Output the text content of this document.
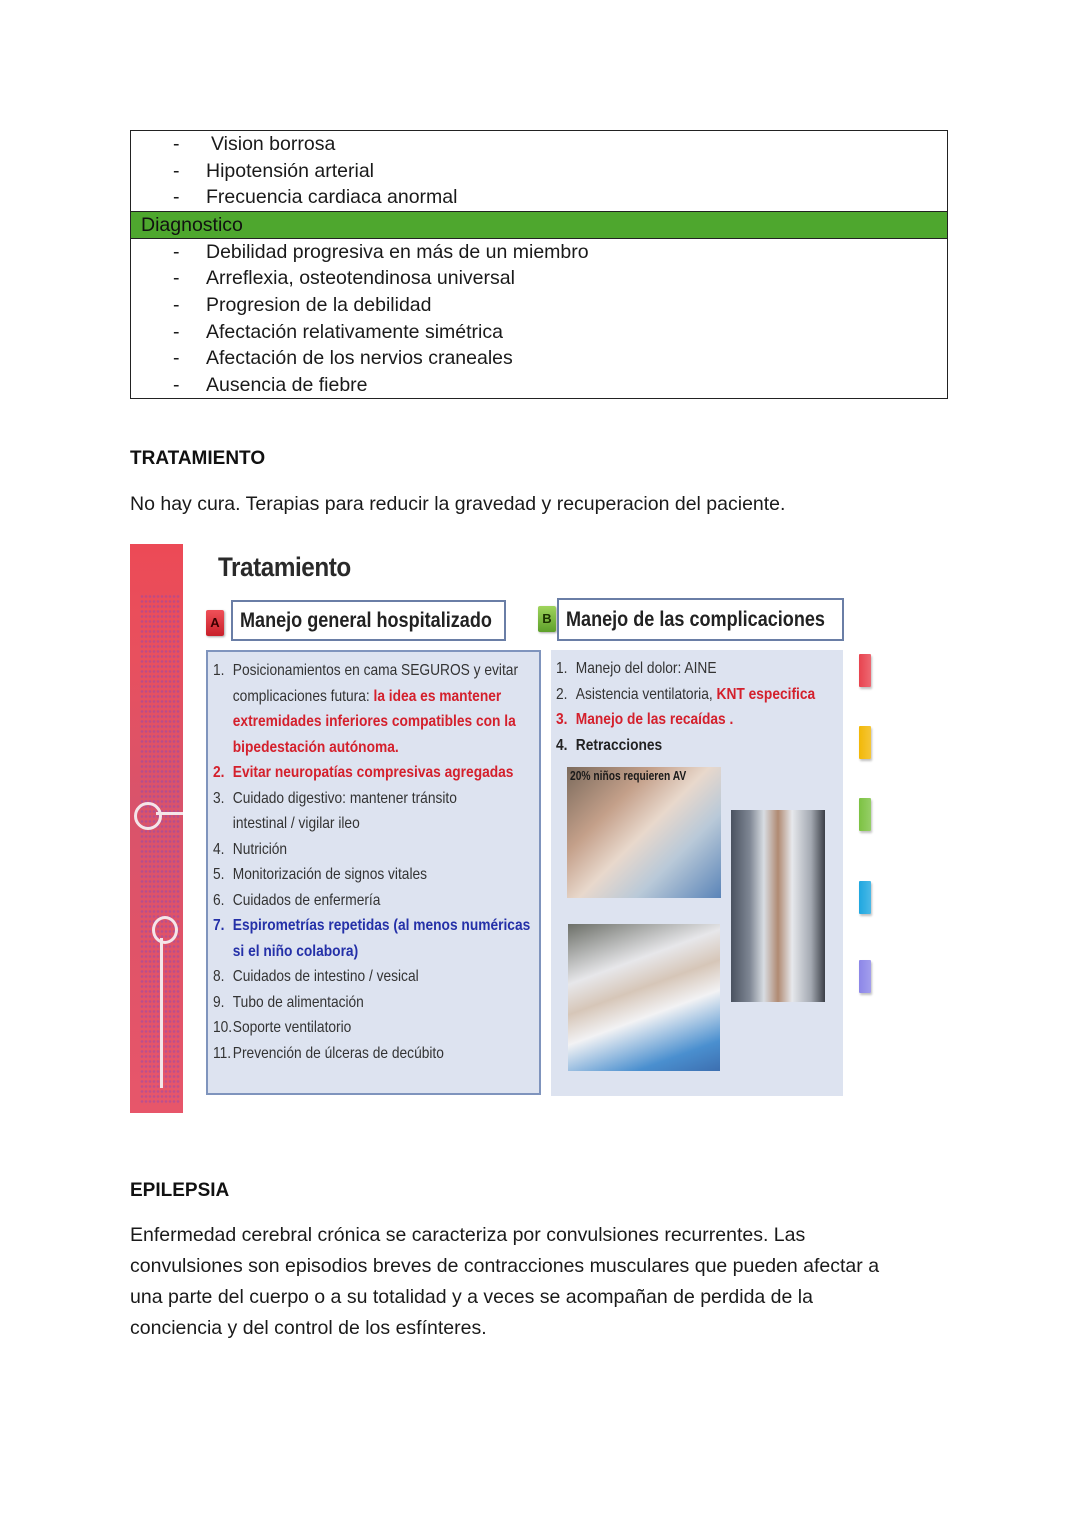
- Vision borrosa
- Hipotensión arterial
- Frecuencia cardiaca anormal
Diagnostico
- Debilidad progresiva en más de un miembro
- Arreflexia, osteotendinosa universal
- Progresion de la debilidad
- Afectación relativamente simétrica
- Afectación de los nervios craneales
- Ausencia de fiebre
TRATAMIENTO
No hay cura. Terapias para reducir la gravedad y recuperacion del paciente.
Tratamiento
A Manejo general hospitalizado	B Manejo de las complicaciones
1. Posicionamientos en cama SEGUROS y evitar
complicaciones futura: la idea es mantener
extremidades inferiores compatibles con la
bipedestación autónoma.
2. Evitar neuropatías compresivas agregadas
3. Cuidado digestivo: mantener tránsito
intestinal / vigilar ileo
4. Nutrición
5. Monitorización de signos vitales
6. Cuidados de enfermería
7. Espirometrías repetidas (al menos numéricas
si el niño colabora)
8. Cuidados de intestino / vesical
9. Tubo de alimentación
10.Soporte ventilatorio
11. Prevención de úlceras de decúbito
1. Manejo del dolor: AINE
2. Asistencia ventilatoria, KNT especifica
3. Manejo de las recaídas .
4. Retracciones
20% niños requieren AV
EPILEPSIA
Enfermedad cerebral crónica se caracteriza por convulsiones recurrentes. Las
convulsiones son episodios breves de contracciones musculares que pueden afectar a
una parte del cuerpo o a su totalidad y a veces se acompañan de perdida de la
conciencia y del control de los esfínteres.
